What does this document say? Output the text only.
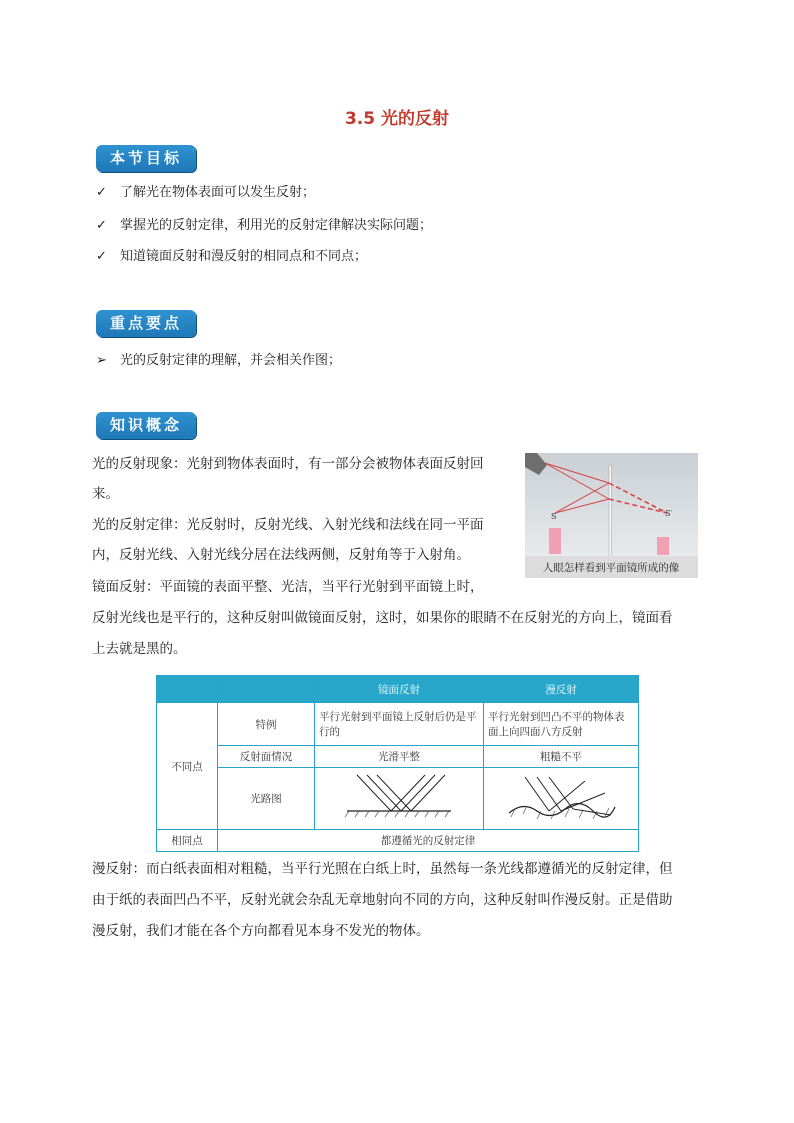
3.5 光的反射
本节目标
✓ 了解光在物体表面可以发生反射；
✓ 掌握光的反射定律，利用光的反射定律解决实际问题；
✓ 知道镜面反射和漫反射的相同点和不同点；
重点要点
➢ 光的反射定律的理解，并会相关作图；
知识概念
光的反射现象：光射到物体表面时，有一部分会被物体表面反射回
来。
光的反射定律：光反射时，反射光线、入射光线和法线在同一平面
内，反射光线、入射光线分居在法线两侧，反射角等于入射角。
镜面反射：平面镜的表面平整、光洁，当平行光射到平面镜上时，
反射光线也是平行的，这种反射叫做镜面反射，这时，如果你的眼睛不在反射光的方向上，镜面看
上去就是黑的。
S	S′
人眼怎样看到平面镜所成的像
		镜面反射	漫反射
不同点	特例	平行光射到平面镜上反射后仍是平行的	平行光射到凹凸不平的物体表面上向四面八方反射
	反射面情况	光滑平整	粗糙不平
	光路图		
相同点	都遵循光的反射定律		
漫反射：而白纸表面相对粗糙，当平行光照在白纸上时，虽然每一条光线都遵循光的反射定律，但
由于纸的表面凹凸不平，反射光就会杂乱无章地射向不同的方向，这种反射叫作漫反射。正是借助
漫反射，我们才能在各个方向都看见本身不发光的物体。
